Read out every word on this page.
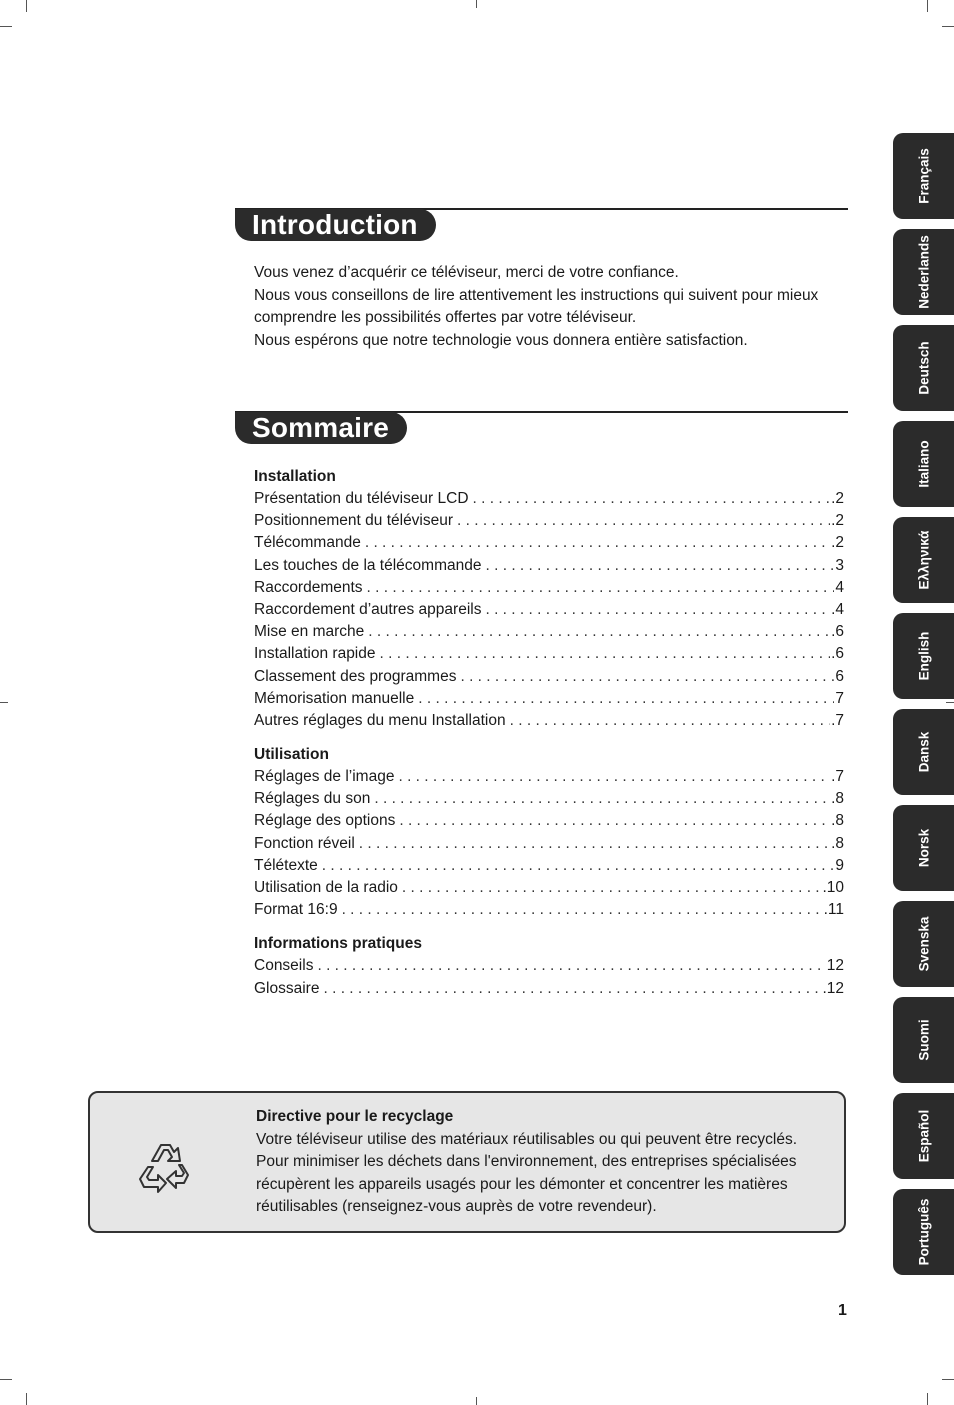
Introduction

Vous venez d’acquérir ce téléviseur, merci de votre confiance.

Nous vous conseillons de lire attentivement les instructions qui suivent pour mieux comprendre les possibilités offertes par votre téléviseur.

Nous espérons que notre technologie vous donnera entière satisfaction.

Sommaire
Installation
Présentation du téléviseur LCD . . .	.2
Positionnement du téléviseur . . .	.2
Télécommande . . .	.2
Les touches de la télécommande . . .	3
Raccordements . . .	4
Raccordement d’autres appareils . . .	.4
Mise en marche . . .	.6
Installation rapide . . .	.6
Classement des programmes . . .	6
Mémorisation manuelle . . .	7
Autres réglages du menu Installation . . .	.7
Utilisation
Réglages de l’image . . .	.7
Réglages du son . . .	.8
Réglage des options . . .	.8
Fonction réveil . . .	.8
Télétexte . . .	9
Utilisation de la radio . . .	.10
Format 16:9 . . .	.11
Informations pratiques
Conseils . . .	12
Glossaire . . .	.12
Directive pour le recyclage
Votre téléviseur utilise des matériaux réutilisables ou qui peuvent être recyclés.
Pour minimiser les déchets dans l'environnement, des entreprises spécialisées
récupèrent les appareils usagés pour les démonter et concentrer les matières
réutilisables (renseignez-vous auprès de votre revendeur).
Français
Nederlands
Deutsch
Italiano
Ελληνικά
English
Dansk
Norsk
Svenska
Suomi
Español
Português
1
